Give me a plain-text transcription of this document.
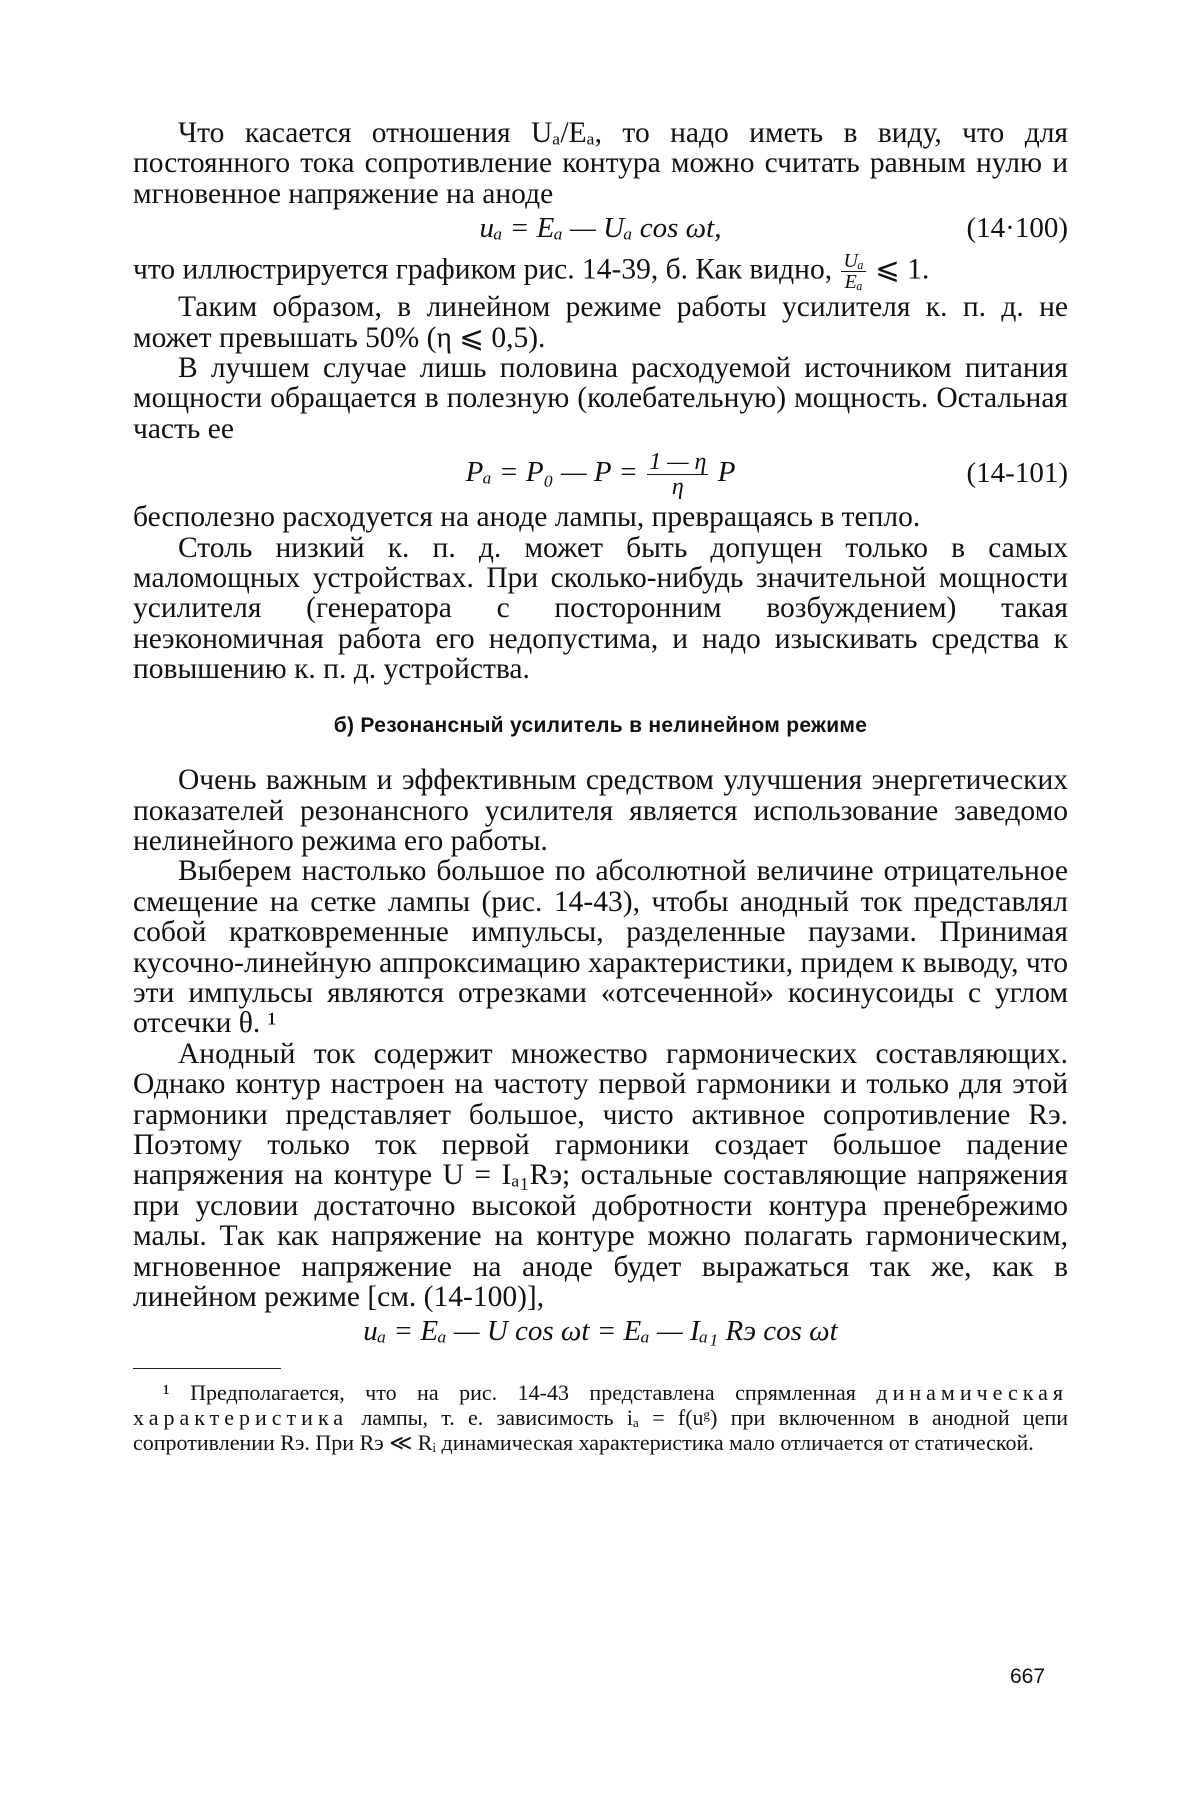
Что касается отношения Uₐ/Eₐ, то надо иметь в виду, что для постоянного тока сопротивление контура можно считать равным нулю и мгновенное напряжение на аноде

uₐ = Eₐ — Uₐ cos ωt,	(14·100)

что иллюстрируется графиком рис. 14-39, б. Как видно, $\frac{\text{Uₐ}}{\text{Eₐ}}$ ⩽ 1.

Таким образом, в линейном режиме работы усилителя к. п. д. не может превышать 50% (η ⩽ 0,5).

В лучшем случае лишь половина расходуемой источником питания мощности обращается в полезную (колебательную) мощность. Остальная часть ее

Pₐ = P₀ — $P = \frac{1 — \eta}{\eta}$ P	(14-101)

бесполезно расходуется на аноде лампы, превращаясь в тепло.

Столь низкий к. п. д. может быть допущен только в самых маломощных устройствах. При сколько-нибудь значительной мощности усилителя (генератора с посторонним возбуждением) такая неэкономичная работа его недопустима, и надо изыскивать средства к повышению к. п. д. устройства.

б) Резонансный усилитель в нелинейном режиме

Очень важным и эффективным средством улучшения энергетических показателей резонансного усилителя является использование заведомо нелинейного режима его работы.

Выберем настолько большое по абсолютной величине отрицательное смещение на сетке лампы (рис. 14-43), чтобы анодный ток представлял собой кратковременные импульсы, разделенные паузами. Принимая кусочно-линейную аппроксимацию характеристики, придем к выводу, что эти импульсы являются отрезками «отсеченной» косинусоиды с углом отсечки θ. ¹

Анодный ток содержит множество гармонических составляющих. Однако контур настроен на частоту первой гармоники и только для этой гармоники представляет большое, чисто активное сопротивление Rэ. Поэтому только ток первой гармоники создает большое падение напряжения на контуре U = Iₐ₁Rэ; остальные составляющие напряжения при условии достаточно высокой добротности контура пренебрежимо малы. Так как напряжение на контуре можно полагать гармоническим, мгновенное напряжение на аноде будет выражаться так же, как в линейном режиме [см. (14-100)],

uₐ = Eₐ — U cos ωt = Eₐ — Iₐ₁ Rэ cos ωt

¹ Предполагается, что на рис. 14-43 представлена спрямленная динамическая характеристика лампы, т. е. зависимость iₐ = f(uᵍ) при включенном в анодной цепи сопротивлении Rэ. При Rэ ≪ Rᵢ динамическая характеристика мало отличается от статической.

667
